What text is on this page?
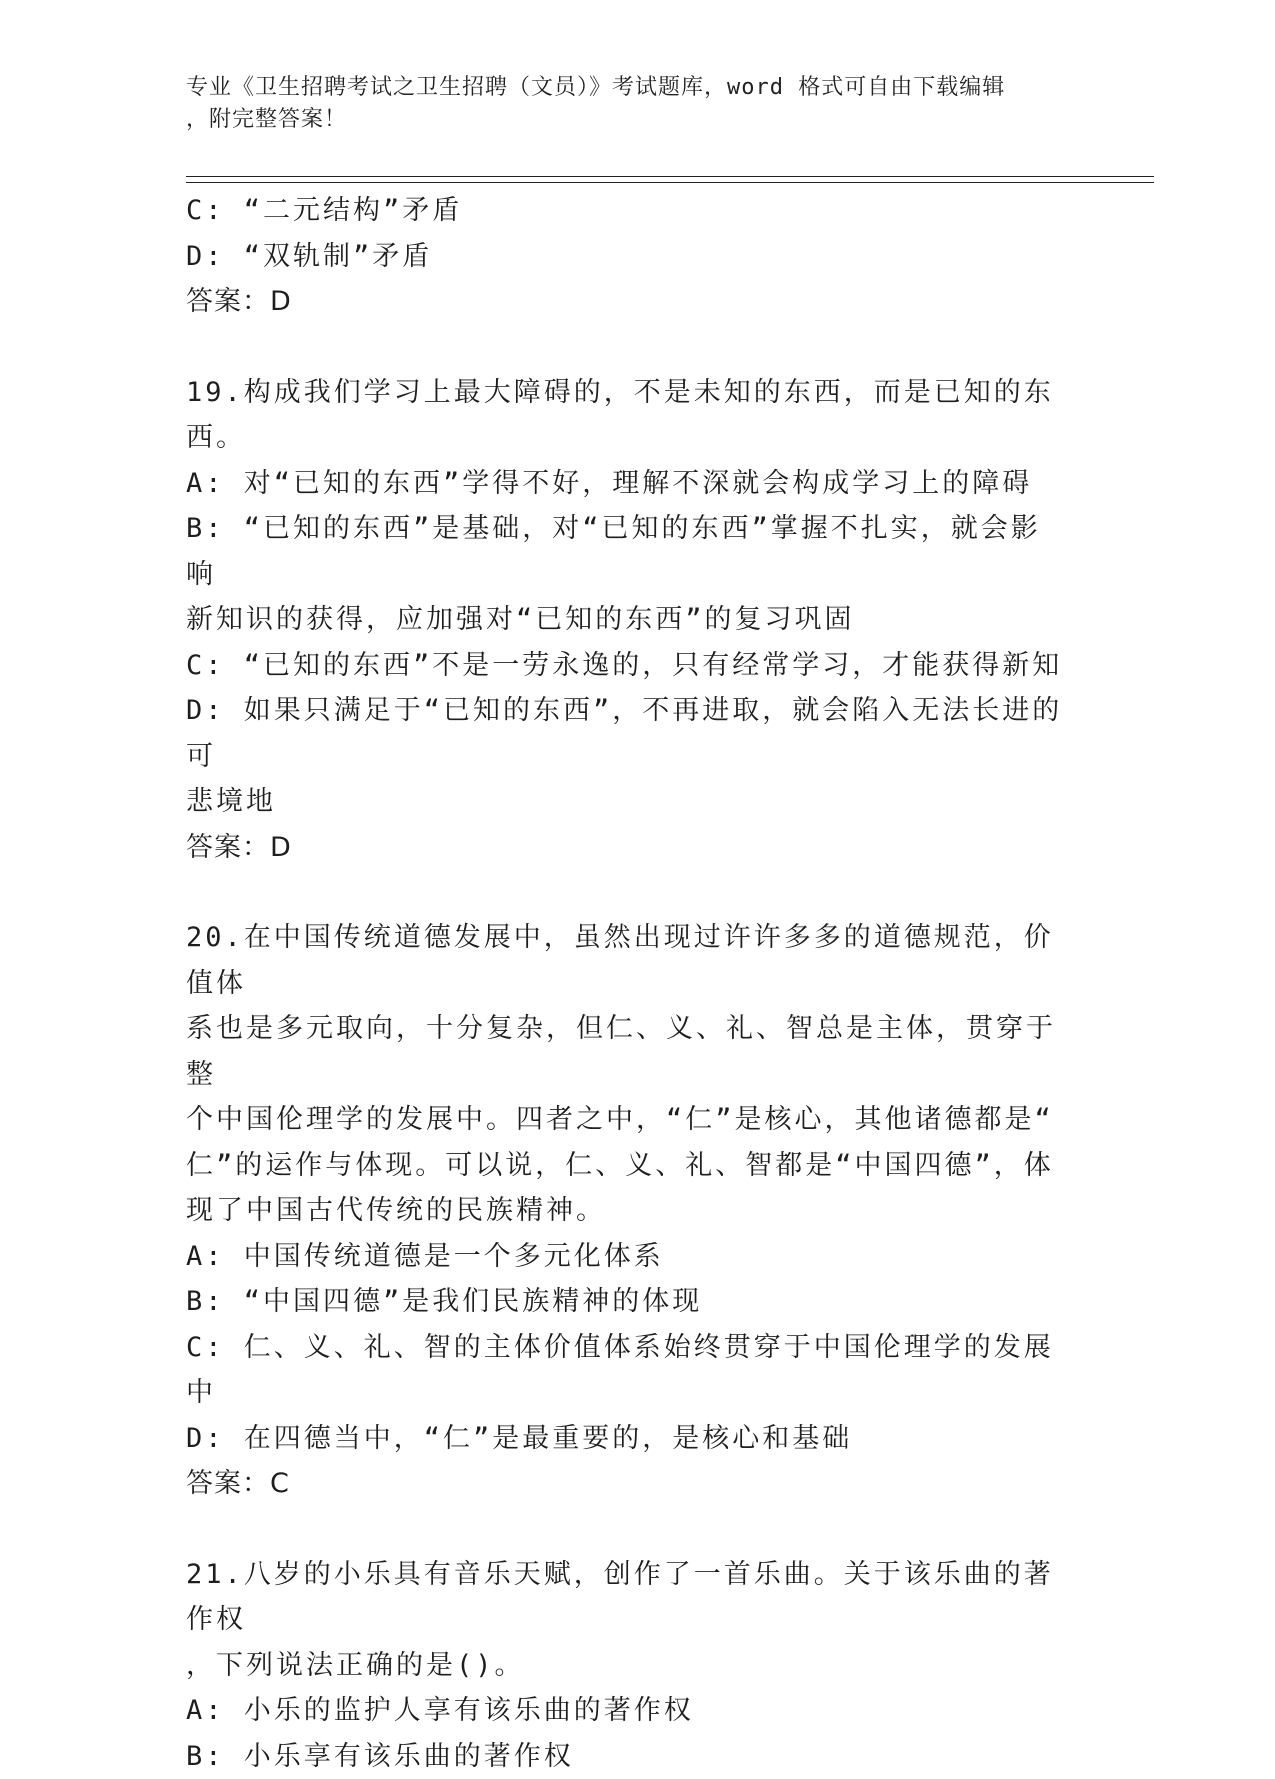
专业《卫生招聘考试之卫生招聘（文员）》考试题库，word 格式可自由下载编辑
，附完整答案！
C: “二元结构”矛盾
D: “双轨制”矛盾
答案：D
19.构成我们学习上最大障碍的，不是未知的东西，而是已知的东西。
A: 对“已知的东西”学得不好，理解不深就会构成学习上的障碍
B: “已知的东西”是基础，对“已知的东西”掌握不扎实，就会影响
新知识的获得，应加强对“已知的东西”的复习巩固
C: “已知的东西”不是一劳永逸的，只有经常学习，才能获得新知
D: 如果只满足于“已知的东西”，不再进取，就会陷入无法长进的可
悲境地
答案：D
20.在中国传统道德发展中，虽然出现过许许多多的道德规范，价值体
系也是多元取向，十分复杂，但仁、义、礼、智总是主体，贯穿于整
个中国伦理学的发展中。四者之中，“仁”是核心，其他诸德都是“
仁”的运作与体现。可以说，仁、义、礼、智都是“中国四德”，体
现了中国古代传统的民族精神。
A: 中国传统道德是一个多元化体系
B: “中国四德”是我们民族精神的体现
C: 仁、义、礼、智的主体价值体系始终贯穿于中国伦理学的发展中
D: 在四德当中，“仁”是最重要的，是核心和基础
答案：C
21.八岁的小乐具有音乐天赋，创作了一首乐曲。关于该乐曲的著作权
，下列说法正确的是()。
A: 小乐的监护人享有该乐曲的著作权
B: 小乐享有该乐曲的著作权
